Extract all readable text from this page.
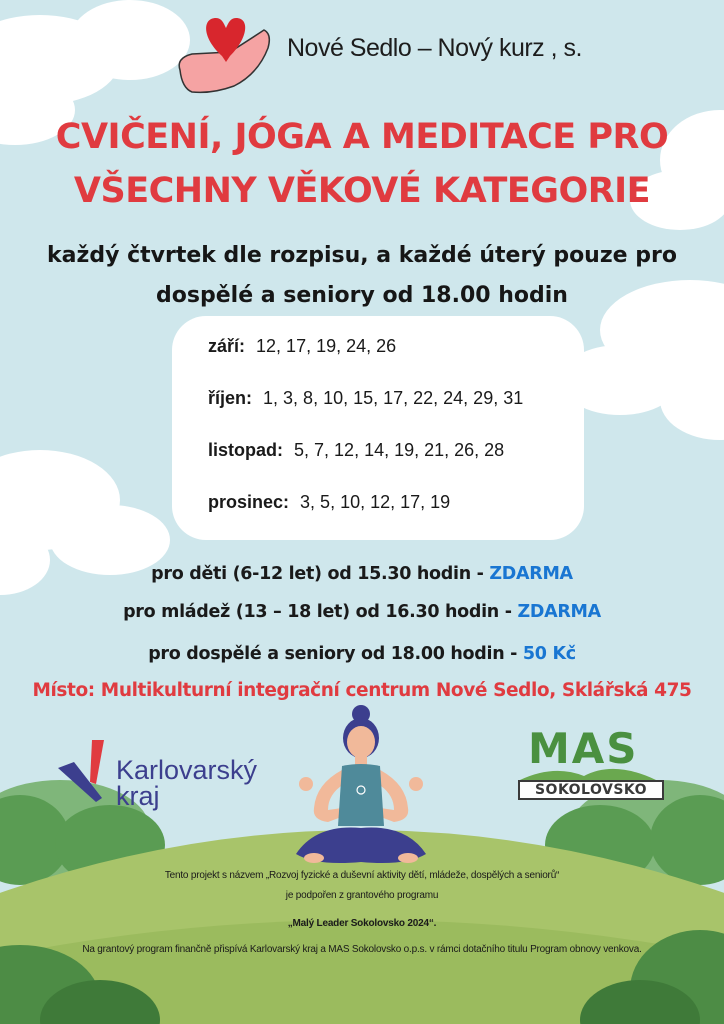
Nové Sedlo – Nový kurz , s.
CVIČENÍ, JÓGA A MEDITACE PRO
VŠECHNY VĚKOVÉ KATEGORIE
každý čtvrtek dle rozpisu, a každé úterý pouze pro
dospělé a seniory od 18.00 hodin
září: 12, 17, 19, 24, 26
říjen: 1, 3, 8, 10, 15, 17, 22, 24, 29, 31
listopad: 5, 7, 12, 14, 19, 21, 26, 28
prosinec: 3, 5, 10, 12, 17, 19
pro děti (6-12 let) od 15.30 hodin - ZDARMA
pro mládež (13 – 18 let) od 16.30 hodin - ZDARMA
pro dospělé a seniory od 18.00 hodin - 50 Kč
Místo: Multikulturní integrační centrum Nové Sedlo, Sklářská 475
Karlovarský
kraj
MAS
SOKOLOVSKO
Tento projekt s názvem „Rozvoj fyzické a duševní aktivity dětí, mládeže, dospělých a seniorů“
je podpořen z grantového programu
„Malý Leader Sokolovsko 2024“.
Na grantový program finančně přispívá Karlovarský kraj a MAS Sokolovsko o.p.s. v rámci dotačního titulu Program obnovy venkova.
